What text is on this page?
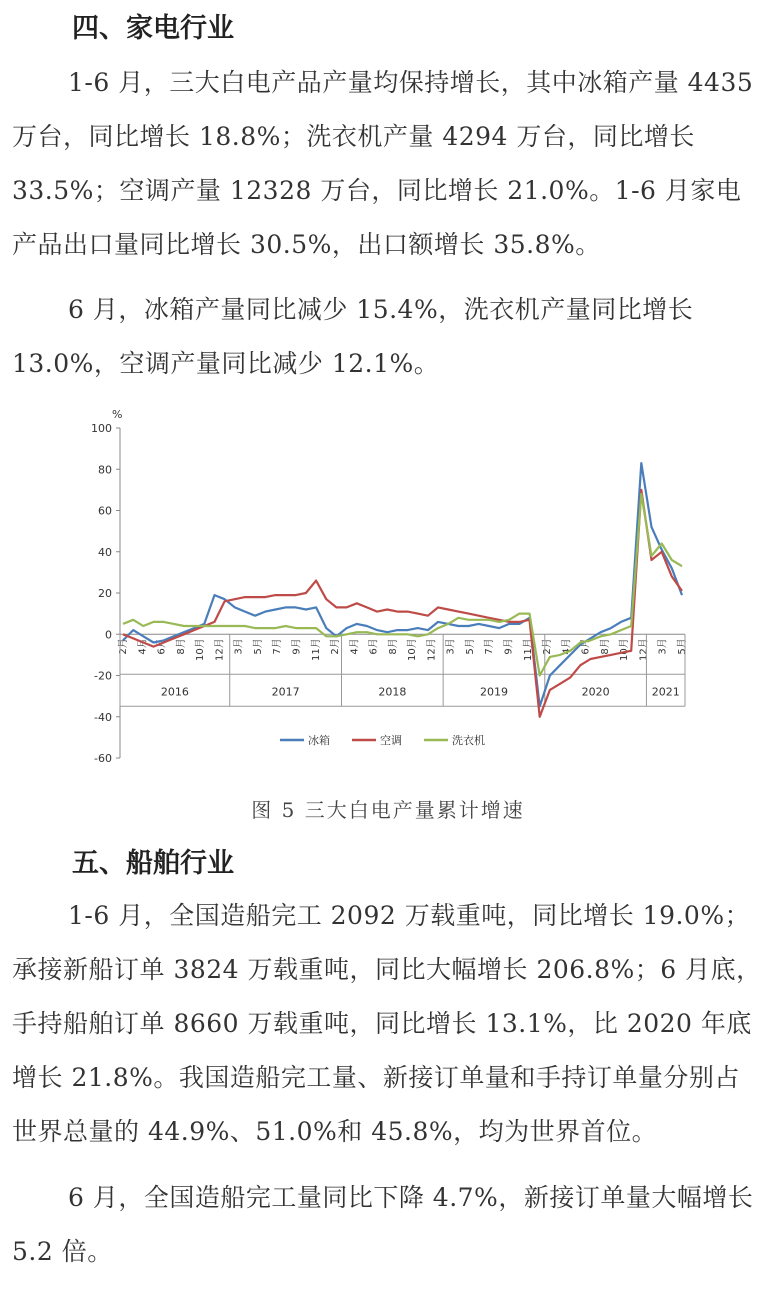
四、家电行业

1-6 月，三大白电产品产量均保持增长，其中冰箱产量 4435 万台，同比增长 18.8%；洗衣机产量 4294 万台，同比增长 33.5%；空调产量 12328 万台，同比增长 21.0%。1-6 月家电产品出口量同比增长 30.5%，出口额增长 35.8%。

6 月，冰箱产量同比减少 15.4%，洗衣机产量同比增长 13.0%，空调产量同比减少 12.1%。

-60
-40
-20
0
20
40
60
80
100
%
2月 4月 6月 8月 10月 12月 3月 5月 7月 9月 11月 2月 4月 6月 8月 10月 12月 3月 5月 7月 9月 11月 2月 4月 6月 8月 10月 12月 3月 5月
2016	2017	2018	2019	2020	2021
冰箱	空调	洗衣机
图 5 三大白电产量累计增速
五、船舶行业

1-6 月，全国造船完工 2092 万载重吨，同比增长 19.0%；承接新船订单 3824 万载重吨，同比大幅增长 206.8%；6 月底，手持船舶订单 8660 万载重吨，同比增长 13.1%，比 2020 年底增长 21.8%。我国造船完工量、新接订单量和手持订单量分别占世界总量的 44.9%、51.0%和 45.8%，均为世界首位。

6 月，全国造船完工量同比下降 4.7%，新接订单量大幅增长 5.2 倍。
